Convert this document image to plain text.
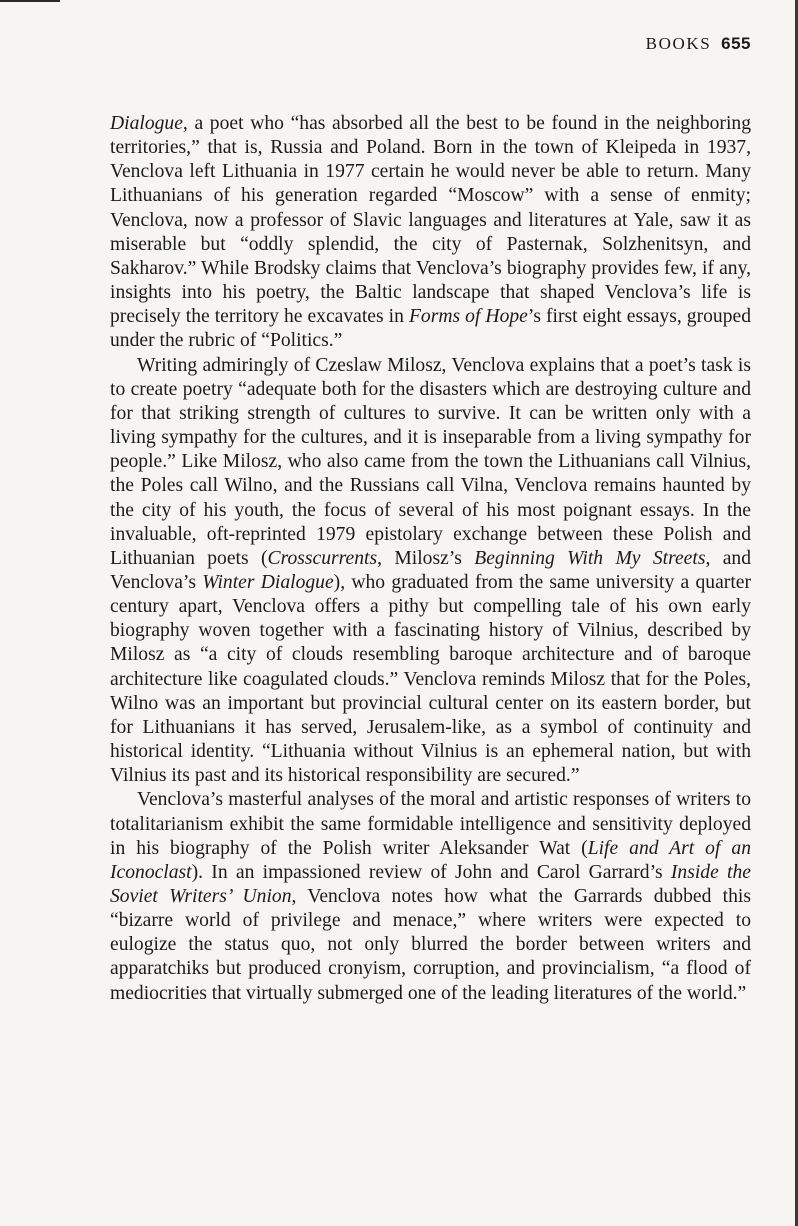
BOOKS 655

Dialogue, a poet who “has absorbed all the best to be found in the neighboring territories,” that is, Russia and Poland. Born in the town of Kleipeda in 1937, Venclova left Lithuania in 1977 certain he would never be able to return. Many Lithuanians of his generation regarded “Moscow” with a sense of enmity; Venclova, now a professor of Slavic languages and literatures at Yale, saw it as miserable but “oddly splendid, the city of Pasternak, Solzhenitsyn, and Sakharov.” While Brodsky claims that Venclova’s biography provides few, if any, insights into his poetry, the Baltic landscape that shaped Venclova’s life is precisely the territory he excavates in Forms of Hope’s first eight essays, grouped under the rubric of “Politics.”

Writing admiringly of Czeslaw Milosz, Venclova explains that a poet’s task is to create poetry “adequate both for the disasters which are destroying culture and for that striking strength of cultures to survive. It can be written only with a living sympathy for the cultures, and it is inseparable from a living sympathy for people.” Like Milosz, who also came from the town the Lithuanians call Vilnius, the Poles call Wilno, and the Russians call Vilna, Venclova remains haunted by the city of his youth, the focus of several of his most poignant essays. In the invaluable, oft-reprinted 1979 epistolary exchange between these Polish and Lithuanian poets (Crosscurrents, Milosz’s Beginning With My Streets, and Venclova’s Winter Dialogue), who graduated from the same university a quarter century apart, Venclova offers a pithy but compelling tale of his own early biography woven together with a fascinating history of Vilnius, described by Milosz as “a city of clouds resembling baroque architecture and of baroque architecture like coagulated clouds.” Venclova reminds Milosz that for the Poles, Wilno was an important but provincial cultural center on its eastern border, but for Lithuanians it has served, Jerusalem-like, as a symbol of continuity and historical identity. “Lithuania without Vilnius is an ephemeral nation, but with Vilnius its past and its historical responsibility are secured.”

Venclova’s masterful analyses of the moral and artistic responses of writers to totalitarianism exhibit the same formidable intelligence and sensitivity deployed in his biography of the Polish writer Aleksander Wat (Life and Art of an Iconoclast). In an impassioned review of John and Carol Garrard’s Inside the Soviet Writers’ Union, Venclova notes how what the Garrards dubbed this “bizarre world of privilege and menace,” where writers were expected to eulogize the status quo, not only blurred the border between writers and apparatchiks but produced cronyism, corruption, and provincialism, “a flood of mediocrities that virtually submerged one of the leading literatures of the world.”
